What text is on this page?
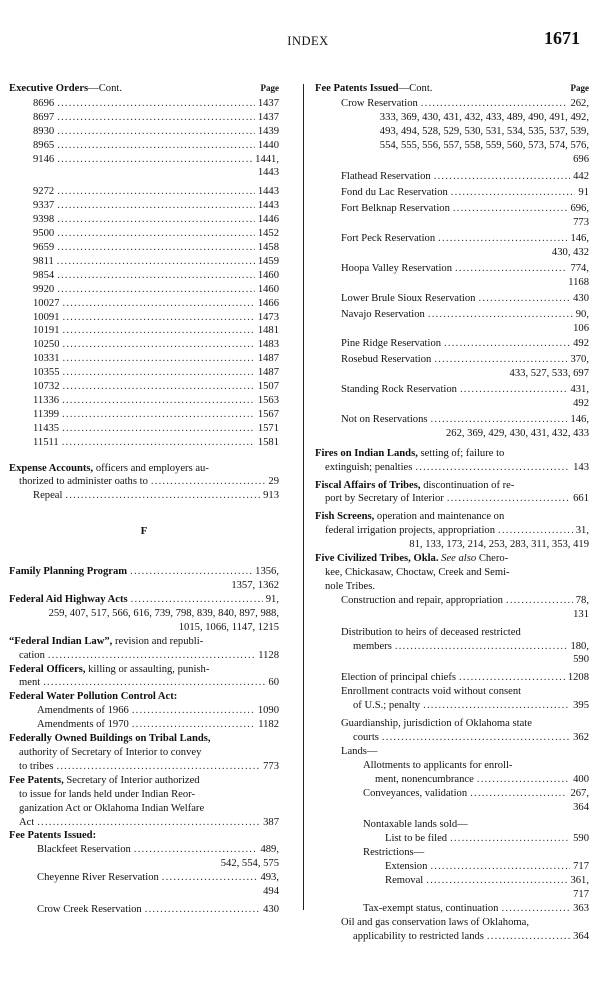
INDEX	1671
Executive Orders—Cont.	Page
8696 .....	1437
8697 .....	1437
8930 .....	1439
8965 .....	1440
9146 .....	1441,
1443
9272 .....	1443
9337 .....	1443
9398 .....	1446
9500 .....	1452
9659 .....	1458
9811 .....	1459
9854 .....	1460
9920 .....	1460
10027 .....	1466
10091 .....	1473
10191 .....	1481
10250 .....	1483
10331 .....	1487
10355 .....	1487
10732 .....	1507
11336 .....	1563
11399 .....	1567
11435 .....	1571
11511 .....	1581
Expense Accounts, officers and employers au-
thorized to administer oaths to .....	29
Repeal .....	913
F
Family Planning Program .....	1356,
1357, 1362
Federal Aid Highway Acts .....	91,
259, 407, 517, 566, 616, 739, 798, 839, 840, 897, 988,
1015, 1066, 1147, 1215
“Federal Indian Law”, revision and republi-
cation .....	1128
Federal Officers, killing or assaulting, punish-
ment .....	60
Federal Water Pollution Control Act:
Amendments of 1966 .....	1090
Amendments of 1970 .....	1182
Federally Owned Buildings on Tribal Lands,
authority of Secretary of Interior to convey
to tribes .....	773
Fee Patents, Secretary of Interior authorized
to issue for lands held under Indian Reor-
ganization Act or Oklahoma Indian Welfare
Act .....	387
Fee Patents Issued:
Blackfeet Reservation .....	489,
542, 554, 575
Cheyenne River Reservation .....	493,
494
Crow Creek Reservation .....	430
Fee Patents Issued—Cont.	Page
Crow Reservation .....	262,
333, 369, 430, 431, 432, 433, 489, 490, 491, 492,
493, 494, 528, 529, 530, 531, 534, 535, 537, 539,
554, 555, 556, 557, 558, 559, 560, 573, 574, 576,
696
Flathead Reservation .....	442
Fond du Lac Reservation .....	91
Fort Belknap Reservation .....	696,
773
Fort Peck Reservation .....	146,
430, 432
Hoopa Valley Reservation .....	774,
1168
Lower Brule Sioux Reservation .....	430
Navajo Reservation .....	90,
106
Pine Ridge Reservation .....	492
Rosebud Reservation .....	370,
433, 527, 533, 697
Standing Rock Reservation .....	431,
492
Not on Reservations .....	146,
262, 369, 429, 430, 431, 432, 433
Fires on Indian Lands, setting of; failure to
extinguish; penalties .....	143
Fiscal Affairs of Tribes, discontinuation of re-
port by Secretary of Interior .....	661
Fish Screens, operation and maintenance on
federal irrigation projects, appropriation .....	31,
81, 133, 173, 214, 253, 283, 311, 353, 419
Five Civilized Tribes, Okla. See also Chero-
kee, Chickasaw, Choctaw, Creek and Semi-
nole Tribes.
Construction and repair, appropriation .....	78,
131
Distribution to heirs of deceased restricted
members .....	180,
590
Election of principal chiefs .....	1208
Enrollment contracts void without consent
of U.S.; penalty .....	395
Guardianship, jurisdiction of Oklahoma state
courts .....	362
Lands—
Allotments to applicants for enroll-
ment, nonencumbrance .....	400
Conveyances, validation .....	267,
364
Nontaxable lands sold—
List to be filed .....	590
Restrictions—
Extension .....	717
Removal .....	361,
717
Tax-exempt status, continuation .....	363
Oil and gas conservation laws of Oklahoma,
applicability to restricted lands .....	364
